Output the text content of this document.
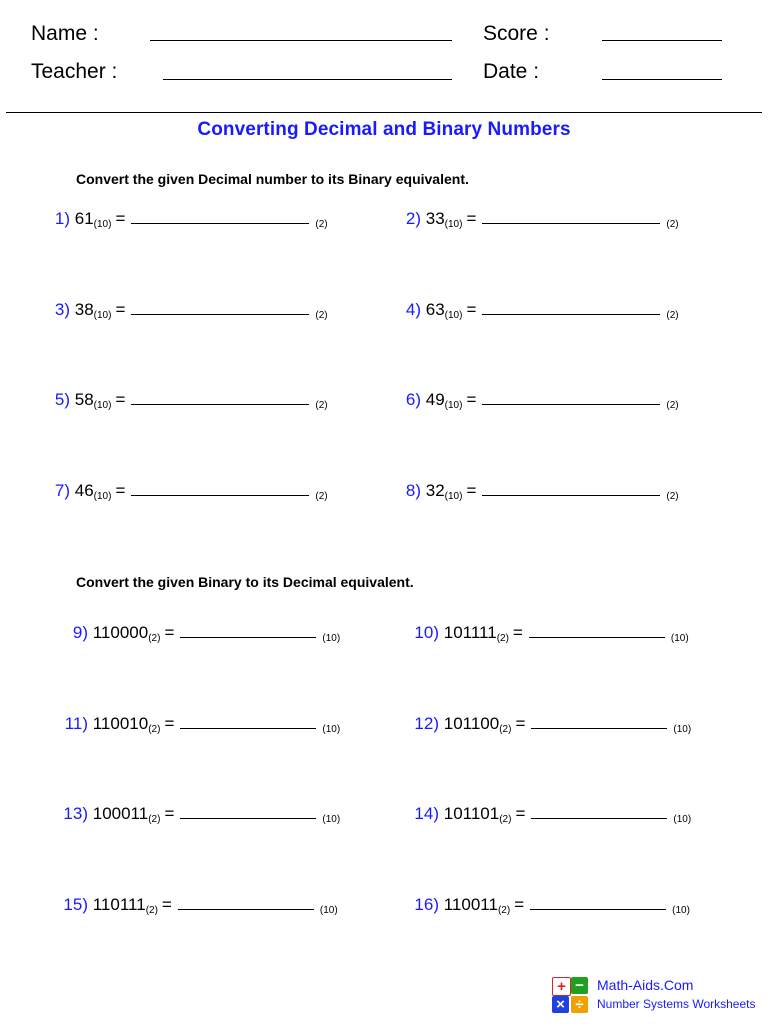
Name :	Score :
Teacher :	Date :
Converting Decimal and Binary Numbers
Convert the given Decimal number to its Binary equivalent.
Convert the given Binary to its Decimal equivalent.
1) $61_{(10)}$ =	(2)	2) $33_{(10)}$ =	(2)
3) $38_{(10)}$ =	(2)	4) $63_{(10)}$ =	(2)
5) $58_{(10)}$ =	(2)	6) $49_{(10)}$ =	(2)
7) $46_{(10)}$ =	(2)	8) $32_{(10)}$ =	(2)
9) $110000_{(2)}$ =	(10)	10) $101111_{(2)}$ =	(10)
11) $110010_{(2)}$ =	(10)	12) $101100_{(2)}$ =	(10)
13) $100011_{(2)}$ =	(10)	14) $101101_{(2)}$ =	(10)
15) $110111_{(2)}$ =	(10)	16) $110011_{(2)}$ =	(10)
+ −
× ÷
Math-Aids.Com
Number Systems Worksheets
